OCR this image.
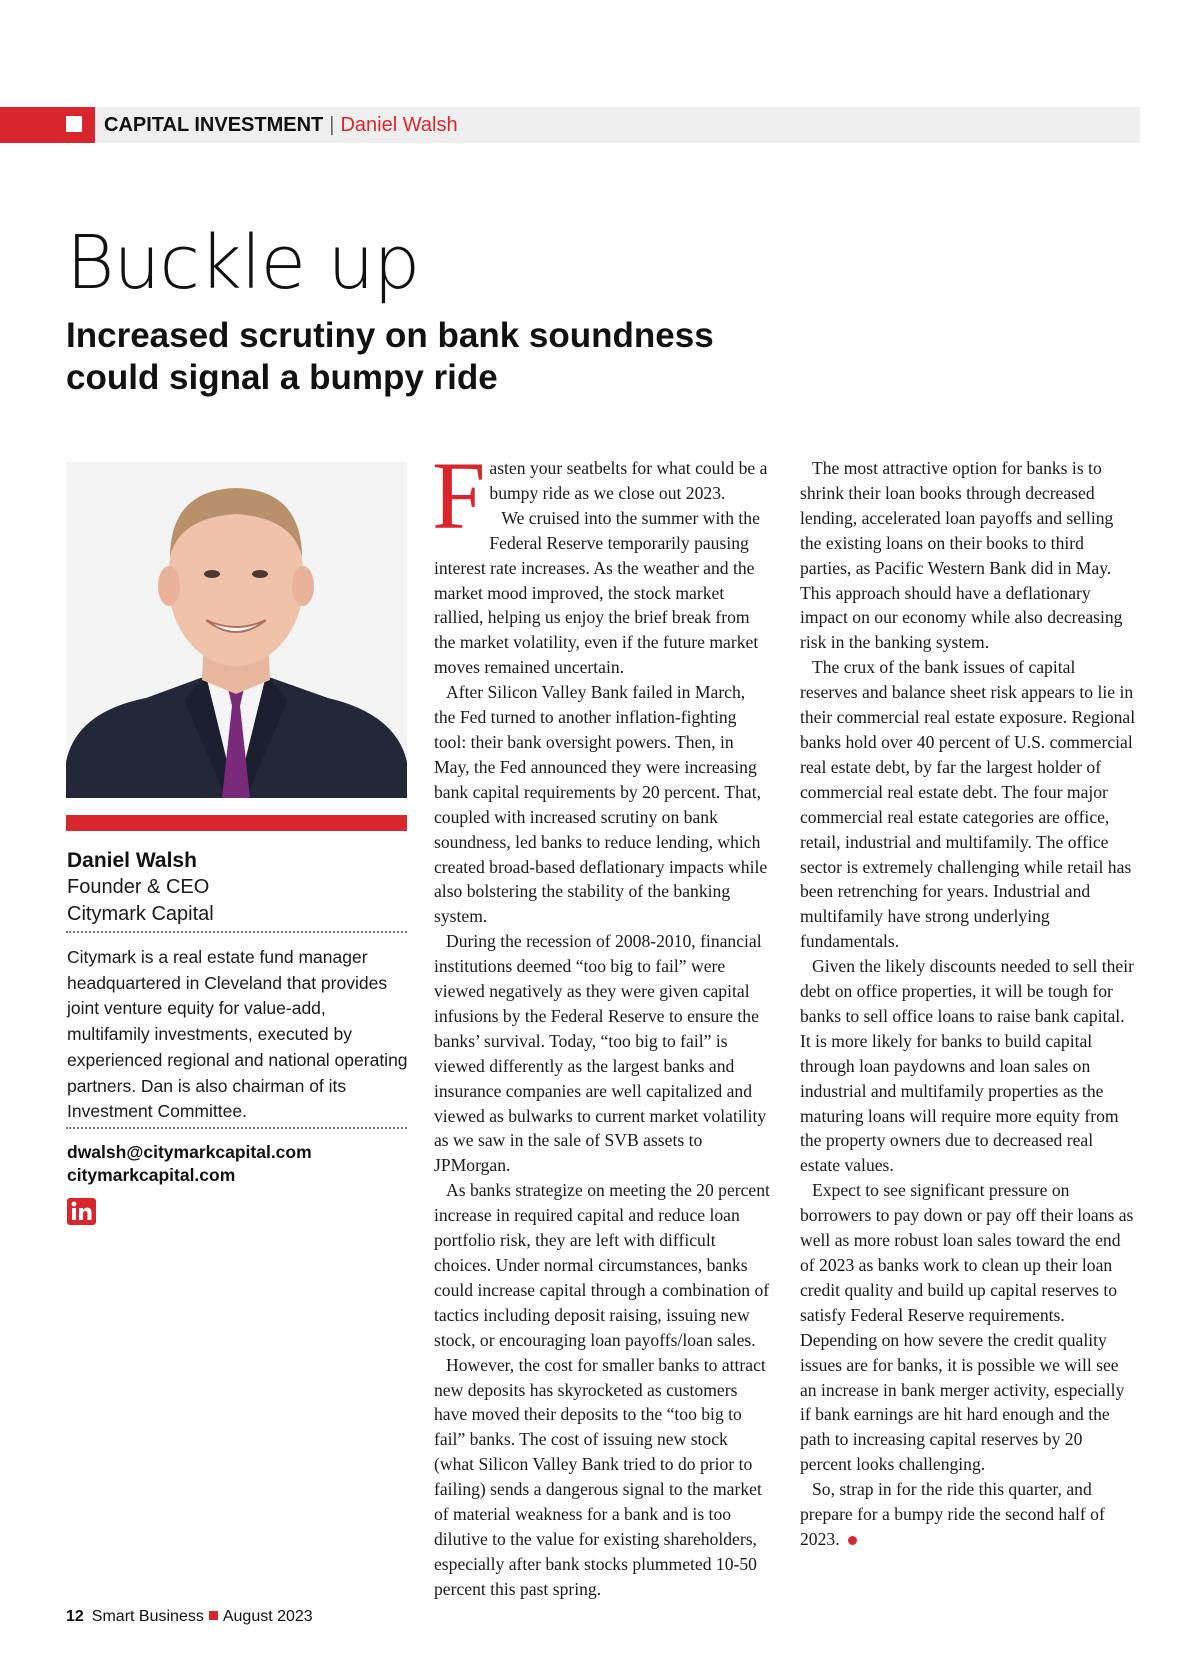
CAPITAL INVESTMENT | Daniel Walsh
Buckle up
Increased scrutiny on bank soundness could signal a bumpy ride
Daniel Walsh
Founder & CEO
Citymark Capital

Citymark is a real estate fund manager headquartered in Cleveland that provides joint venture equity for value-add, multifamily investments, executed by experienced regional and national operating partners. Dan is also chairman of its Investment Committee.

dwalsh@citymarkcapital.com
citymarkcapital.com

Fasten your seatbelts for what could be a bumpy ride as we close out 2023.

We cruised into the summer with the Federal Reserve temporarily pausing interest rate increases. As the weather and the market mood improved, the stock market rallied, helping us enjoy the brief break from the market volatility, even if the future market moves remained uncertain.

After Silicon Valley Bank failed in March, the Fed turned to another inflation-fighting tool: their bank oversight powers. Then, in May, the Fed announced they were increasing bank capital requirements by 20 percent. That, coupled with increased scrutiny on bank soundness, led banks to reduce lending, which created broad-based deflationary impacts while also bolstering the stability of the banking system.

During the recession of 2008-2010, financial institutions deemed “too big to fail” were viewed negatively as they were given capital infusions by the Federal Reserve to ensure the banks’ survival. Today, “too big to fail” is viewed differently as the largest banks and insurance companies are well capitalized and viewed as bulwarks to current market volatility as we saw in the sale of SVB assets to JPMorgan.

As banks strategize on meeting the 20 percent increase in required capital and reduce loan portfolio risk, they are left with difficult choices. Under normal circumstances, banks could increase capital through a combination of tactics including deposit raising, issuing new stock, or encouraging loan payoffs/loan sales.

However, the cost for smaller banks to attract new deposits has skyrocketed as customers have moved their deposits to the “too big to fail” banks. The cost of issuing new stock (what Silicon Valley Bank tried to do prior to failing) sends a dangerous signal to the market of material weakness for a bank and is too dilutive to the value for existing shareholders, especially after bank stocks plummeted 10-50 percent this past spring.

The most attractive option for banks is to shrink their loan books through decreased lending, accelerated loan payoffs and selling the existing loans on their books to third parties, as Pacific Western Bank did in May. This approach should have a deflationary impact on our economy while also decreasing risk in the banking system.

The crux of the bank issues of capital reserves and balance sheet risk appears to lie in their commercial real estate exposure. Regional banks hold over 40 percent of U.S. commercial real estate debt, by far the largest holder of commercial real estate debt. The four major commercial real estate categories are office, retail, industrial and multifamily. The office sector is extremely challenging while retail has been retrenching for years. Industrial and multifamily have strong underlying fundamentals.

Given the likely discounts needed to sell their debt on office properties, it will be tough for banks to sell office loans to raise bank capital. It is more likely for banks to build capital through loan paydowns and loan sales on industrial and multifamily properties as the maturing loans will require more equity from the property owners due to decreased real estate values.

Expect to see significant pressure on borrowers to pay down or pay off their loans as well as more robust loan sales toward the end of 2023 as banks work to clean up their loan credit quality and build up capital reserves to satisfy Federal Reserve requirements. Depending on how severe the credit quality issues are for banks, it is possible we will see an increase in bank merger activity, especially if bank earnings are hit hard enough and the path to increasing capital reserves by 20 percent looks challenging.

So, strap in for the ride this quarter, and prepare for a bumpy ride the second half of 2023.

12 Smart Business August 2023
